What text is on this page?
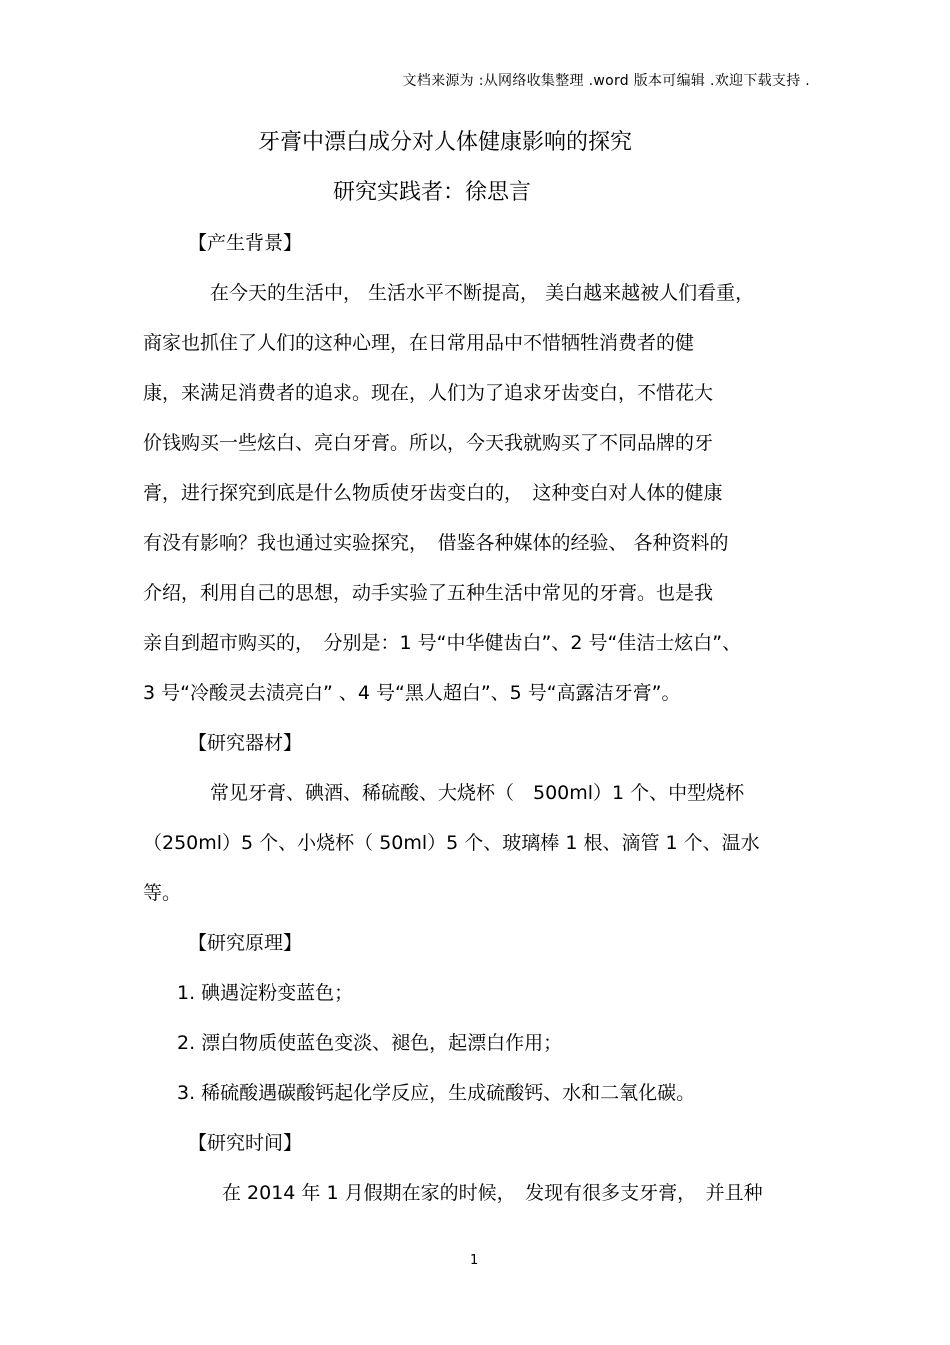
文档来源为 :从网络收集整理 .word 版本可编辑 .欢迎下载支持 .

牙膏中漂白成分对人体健康影响的探究

研究实践者：徐思言

【产生背景】

在今天的生活中， 生活水平不断提高， 美白越来越被人们看重，

商家也抓住了人们的这种心理，在日常用品中不惜牺牲消费者的健

康，来满足消费者的追求。现在，人们为了追求牙齿变白，不惜花大

价钱购买一些炫白、亮白牙膏。所以，今天我就购买了不同品牌的牙

膏，进行探究到底是什么物质使牙齿变白的，　这种变白对人体的健康

有没有影响？我也通过实验探究，　借鉴各种媒体的经验、 各种资料的

介绍，利用自己的思想，动手实验了五种生活中常见的牙膏。也是我

亲自到超市购买的，　分别是：1 号“中华健齿白”、2 号“佳洁士炫白”、

3 号“冷酸灵去渍亮白” 、4 号“黑人超白”、5 号“高露洁牙膏”。

【研究器材】

常见牙膏、碘酒、稀硫酸、大烧杯（　500ml）1 个、中型烧杯

（250ml）5 个、小烧杯（ 50ml）5 个、玻璃棒 1 根、滴管 1 个、温水

等。

【研究原理】

1. 碘遇淀粉变蓝色；

2. 漂白物质使蓝色变淡、褪色，起漂白作用；

3. 稀硫酸遇碳酸钙起化学反应，生成硫酸钙、水和二氧化碳。

【研究时间】

在 2014 年 1 月假期在家的时候，　发现有很多支牙膏，　并且种

1
